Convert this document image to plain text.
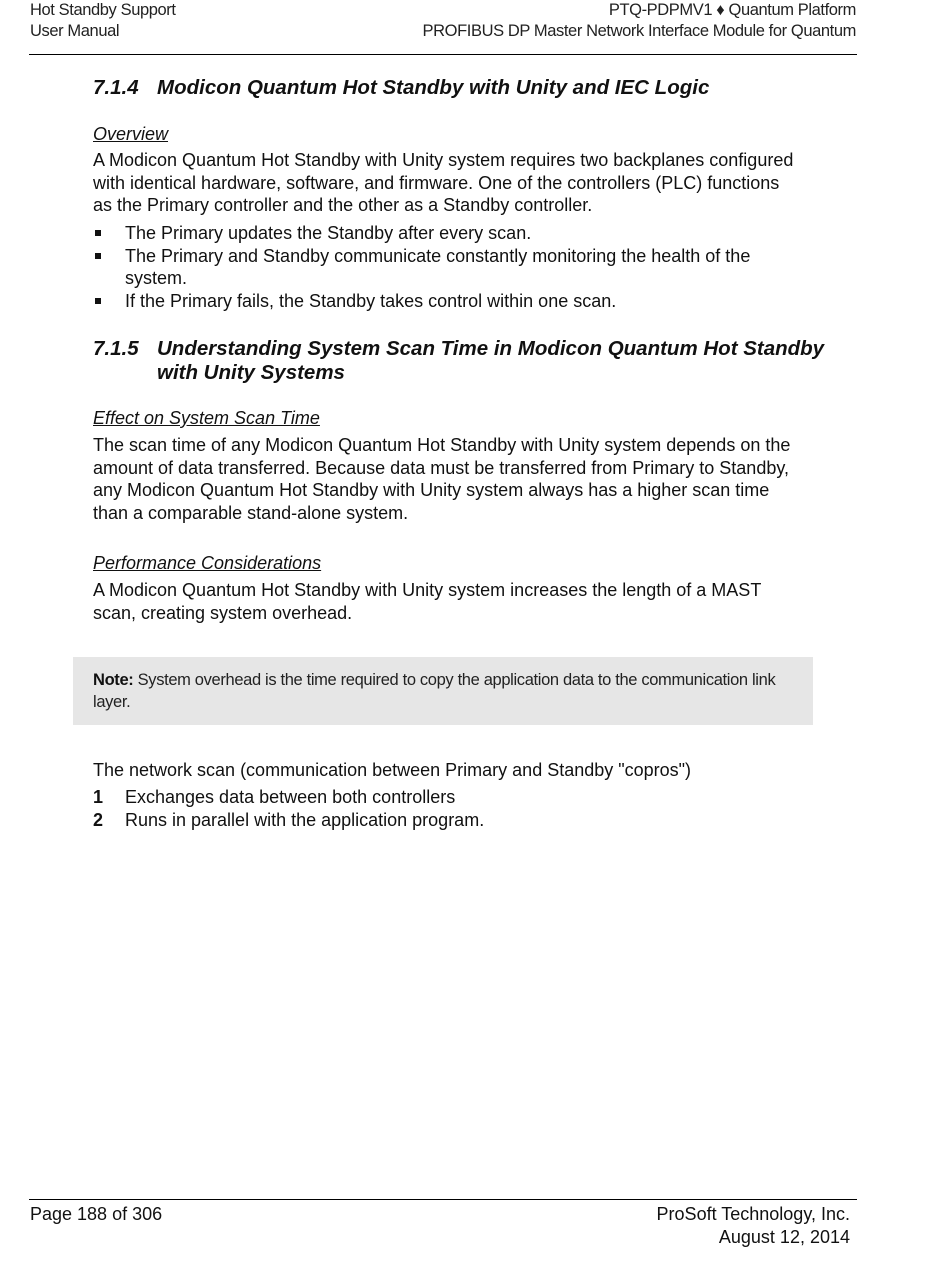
Hot Standby Support
User Manual
PTQ-PDPMV1 ♦ Quantum Platform
PROFIBUS DP Master Network Interface Module for Quantum
7.1.4 Modicon Quantum Hot Standby with Unity and IEC Logic
Overview
A Modicon Quantum Hot Standby with Unity system requires two backplanes configured with identical hardware, software, and firmware. One of the controllers (PLC) functions as the Primary controller and the other as a Standby controller.
The Primary updates the Standby after every scan.
The Primary and Standby communicate constantly monitoring the health of the system.
If the Primary fails, the Standby takes control within one scan.
7.1.5 Understanding System Scan Time in Modicon Quantum Hot Standby with Unity Systems
Effect on System Scan Time
The scan time of any Modicon Quantum Hot Standby with Unity system depends on the amount of data transferred. Because data must be transferred from Primary to Standby, any Modicon Quantum Hot Standby with Unity system always has a higher scan time than a comparable stand-alone system.
Performance Considerations
A Modicon Quantum Hot Standby with Unity system increases the length of a MAST scan, creating system overhead.
The network scan (communication between Primary and Standby "copros")
1 Exchanges data between both controllers
2 Runs in parallel with the application program.
Note: System overhead is the time required to copy the application data to the communication link layer.
Page 188 of 306	ProSoft Technology, Inc.
August 12, 2014
